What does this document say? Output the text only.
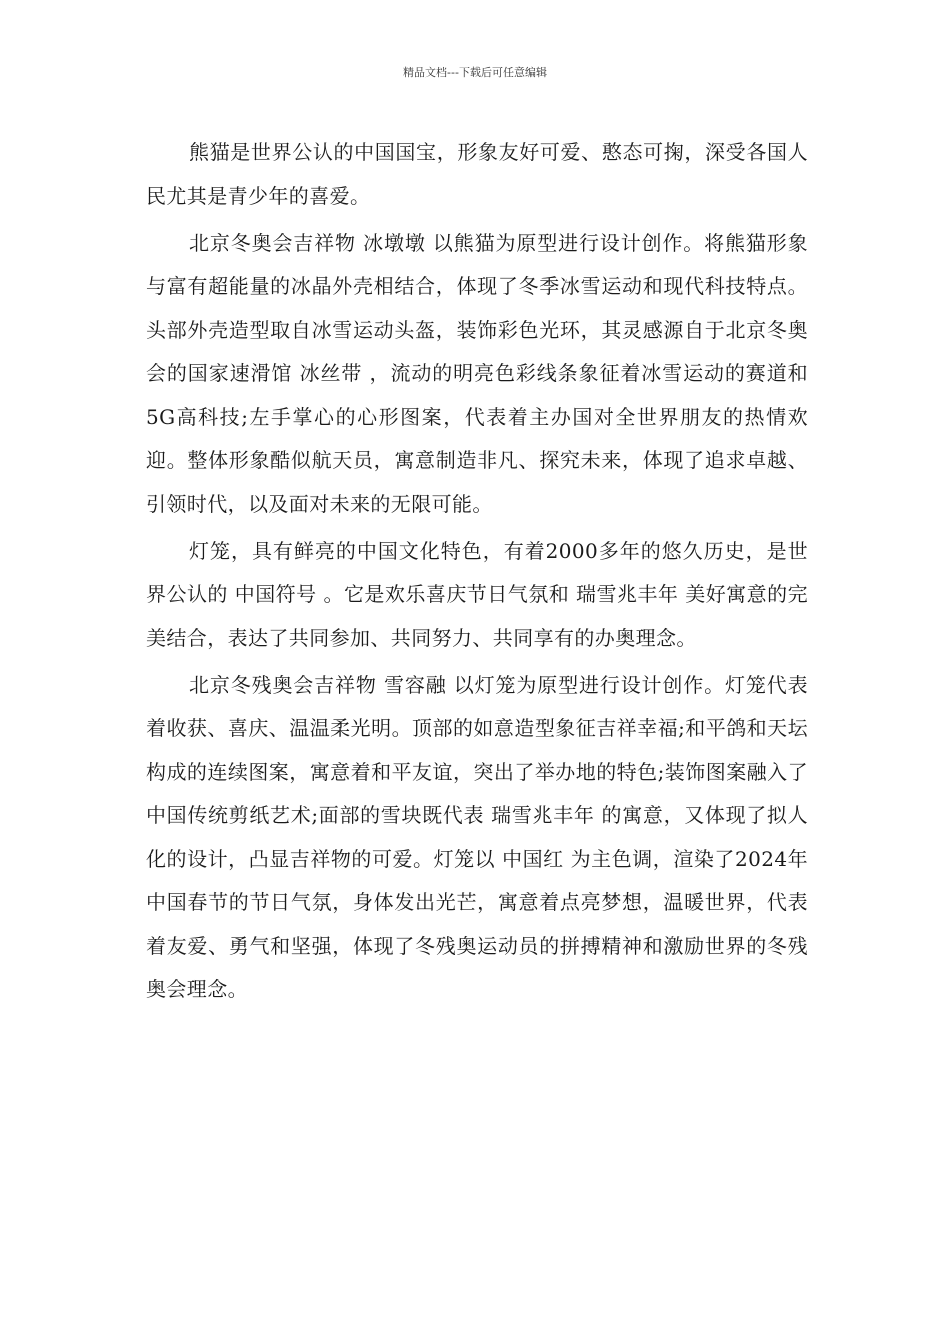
精品文档---下载后可任意编辑

熊猫是世界公认的中国国宝，形象友好可爱、憨态可掬，深受各国人民尤其是青少年的喜爱。

北京冬奥会吉祥物 冰墩墩 以熊猫为原型进行设计创作。将熊猫形象与富有超能量的冰晶外壳相结合，体现了冬季冰雪运动和现代科技特点。头部外壳造型取自冰雪运动头盔，装饰彩色光环，其灵感源自于北京冬奥会的国家速滑馆 冰丝带 ，流动的明亮色彩线条象征着冰雪运动的赛道和5G高科技;左手掌心的心形图案，代表着主办国对全世界朋友的热情欢迎。整体形象酷似航天员，寓意制造非凡、探究未来，体现了追求卓越、引领时代，以及面对未来的无限可能。

灯笼，具有鲜亮的中国文化特色，有着2000多年的悠久历史，是世界公认的 中国符号 。它是欢乐喜庆节日气氛和 瑞雪兆丰年 美好寓意的完美结合，表达了共同参加、共同努力、共同享有的办奥理念。

北京冬残奥会吉祥物 雪容融 以灯笼为原型进行设计创作。灯笼代表着收获、喜庆、温温柔光明。顶部的如意造型象征吉祥幸福;和平鸽和天坛构成的连续图案，寓意着和平友谊，突出了举办地的特色;装饰图案融入了中国传统剪纸艺术;面部的雪块既代表 瑞雪兆丰年 的寓意，又体现了拟人化的设计，凸显吉祥物的可爱。灯笼以 中国红 为主色调，渲染了2024年中国春节的节日气氛，身体发出光芒，寓意着点亮梦想，温暖世界，代表着友爱、勇气和坚强，体现了冬残奥运动员的拼搏精神和激励世界的冬残奥会理念。
